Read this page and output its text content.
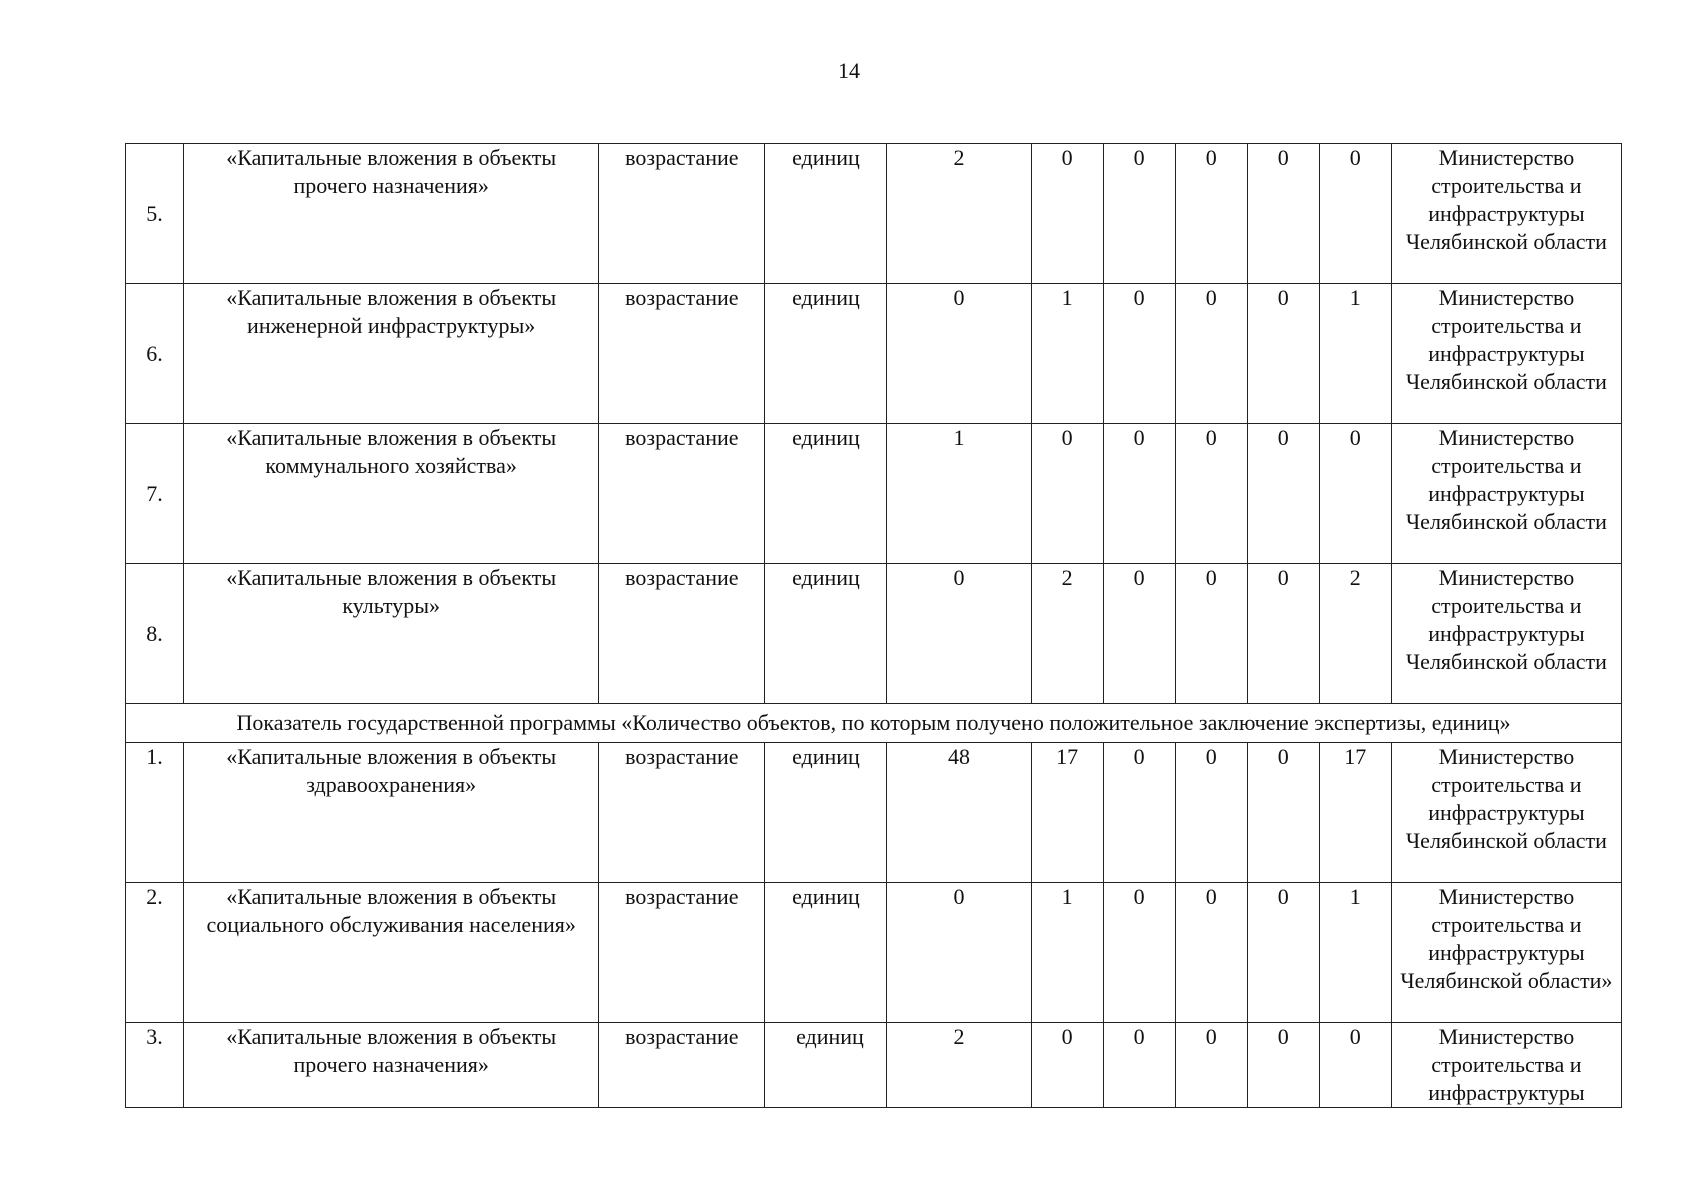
14
5.	«Капитальные вложения в объекты прочего назначения»	возрастание	единиц	2	0	0	0	0	0	Министерство строительства и инфраструктуры Челябинской области
6.	«Капитальные вложения в объекты инженерной инфраструктуры»	возрастание	единиц	0	1	0	0	0	1	Министерство строительства и инфраструктуры Челябинской области
7.	«Капитальные вложения в объекты коммунального хозяйства»	возрастание	единиц	1	0	0	0	0	0	Министерство строительства и инфраструктуры Челябинской области
8.	«Капитальные вложения в объекты культуры»	возрастание	единиц	0	2	0	0	0	2	Министерство строительства и инфраструктуры Челябинской области
Показатель государственной программы «Количество объектов, по которым получено положительное заключение экспертизы, единиц»										
1.	«Капитальные вложения в объекты здравоохранения»	возрастание	единиц	48	17	0	0	0	17	Министерство строительства и инфраструктуры Челябинской области
2.	«Капитальные вложения в объекты социального обслуживания населения»	возрастание	единиц	0	1	0	0	0	1	Министерство строительства и инфраструктуры Челябинской области»
3.	«Капитальные вложения в объекты прочего назначения»	возрастание	единиц	2	0	0	0	0	0	Министерство строительства и инфраструктуры
